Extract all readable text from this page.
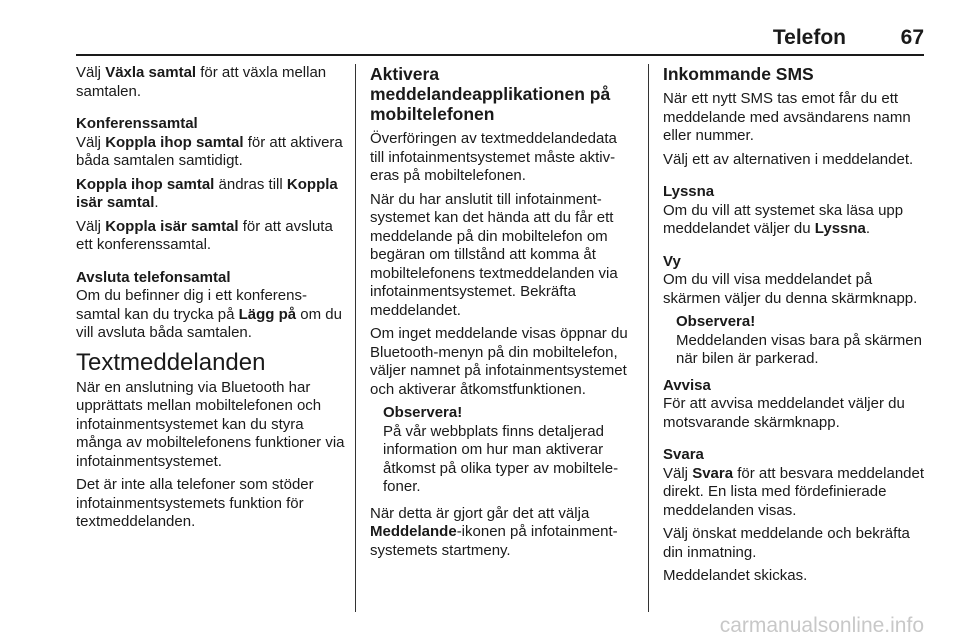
Telefon	67

Välj Växla samtal för att växla mellan samtalen.

Konferenssamtal

Välj Koppla ihop samtal för att aktivera båda samtalen samtidigt.

Koppla ihop samtal ändras till Koppla isär samtal.

Välj Koppla isär samtal för att avsluta ett konferenssamtal.

Avsluta telefonsamtal

Om du befinner dig i ett konferenssamtal kan du trycka på Lägg på om du vill avsluta båda samtalen.

Textmeddelanden

När en anslutning via Bluetooth har upprättats mellan mobiltelefonen och infotainmentsystemet kan du styra många av mobiltelefonens funktioner via infotainmentsystemet.

Det är inte alla telefoner som stöder infotainmentsystemets funktion för textmeddelanden.

Aktivera meddelandeapplikationen på mobiltelefonen

Överföringen av textmeddelandedata till infotainmentsystemet måste aktiveras på mobiltelefonen.

När du har anslutit till infotainmentsystemet kan det hända att du får ett meddelande på din mobiltelefon om begäran om tillstånd att komma åt mobiltelefonens textmeddelanden via infotainmentsystemet. Bekräfta meddelandet.

Om inget meddelande visas öppnar du Bluetooth-menyn på din mobiltelefon, väljer namnet på infotainmentsystemet och aktiverar åtkomstfunktionen.

Observera!
På vår webbplats finns detaljerad information om hur man aktiverar åtkomst på olika typer av mobiltelefoner.

När detta är gjort går det att välja Meddelande-ikonen på infotainmentsystemets startmeny.

Inkommande SMS

När ett nytt SMS tas emot får du ett meddelande med avsändarens namn eller nummer.

Välj ett av alternativen i meddelandet.

Lyssna

Om du vill att systemet ska läsa upp meddelandet väljer du Lyssna.

Vy

Om du vill visa meddelandet på skärmen väljer du denna skärmknapp.

Observera!
Meddelanden visas bara på skärmen när bilen är parkerad.
Avvisa

För att avvisa meddelandet väljer du motsvarande skärmknapp.

Svara

Välj Svara för att besvara meddelandet direkt. En lista med fördefinierade meddelanden visas.

Välj önskat meddelande och bekräfta din inmatning.

Meddelandet skickas.

carmanualsonline.info
